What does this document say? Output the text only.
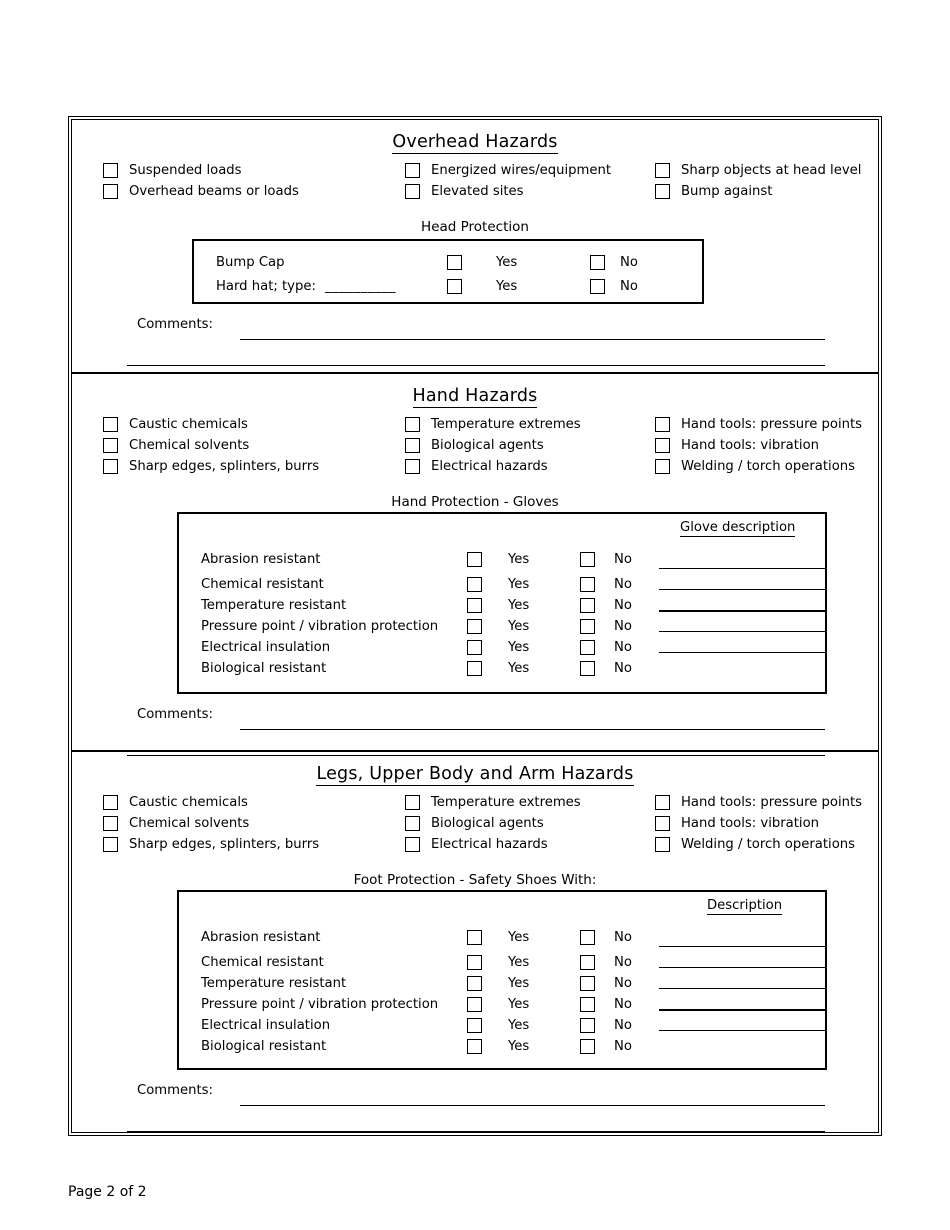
Overhead Hazards
Suspended loads
Overhead beams or loads
Energized wires/equipment
Elevated sites
Sharp objects at head level
Bump against
Head Protection
Bump Cap	Yes	No
Hard hat; type: __________	Yes	No
Comments:
Hand Hazards
Caustic chemicals
Chemical solvents
Sharp edges, splinters, burrs
Temperature extremes
Biological agents
Electrical hazards
Hand tools: pressure points
Hand tools: vibration
Welding / torch operations
Hand Protection - Gloves
Glove description
Abrasion resistant	Yes	No
Chemical resistant	Yes	No
Temperature resistant	Yes	No
Pressure point / vibration protection	Yes	No
Electrical insulation	Yes	No
Biological resistant	Yes	No
Comments:
Legs, Upper Body and Arm Hazards
Caustic chemicals
Chemical solvents
Sharp edges, splinters, burrs
Temperature extremes
Biological agents
Electrical hazards
Hand tools: pressure points
Hand tools: vibration
Welding / torch operations
Foot Protection - Safety Shoes With:
Description
Abrasion resistant	Yes	No
Chemical resistant	Yes	No
Temperature resistant	Yes	No
Pressure point / vibration protection	Yes	No
Electrical insulation	Yes	No
Biological resistant	Yes	No
Comments:
Page 2 of 2
